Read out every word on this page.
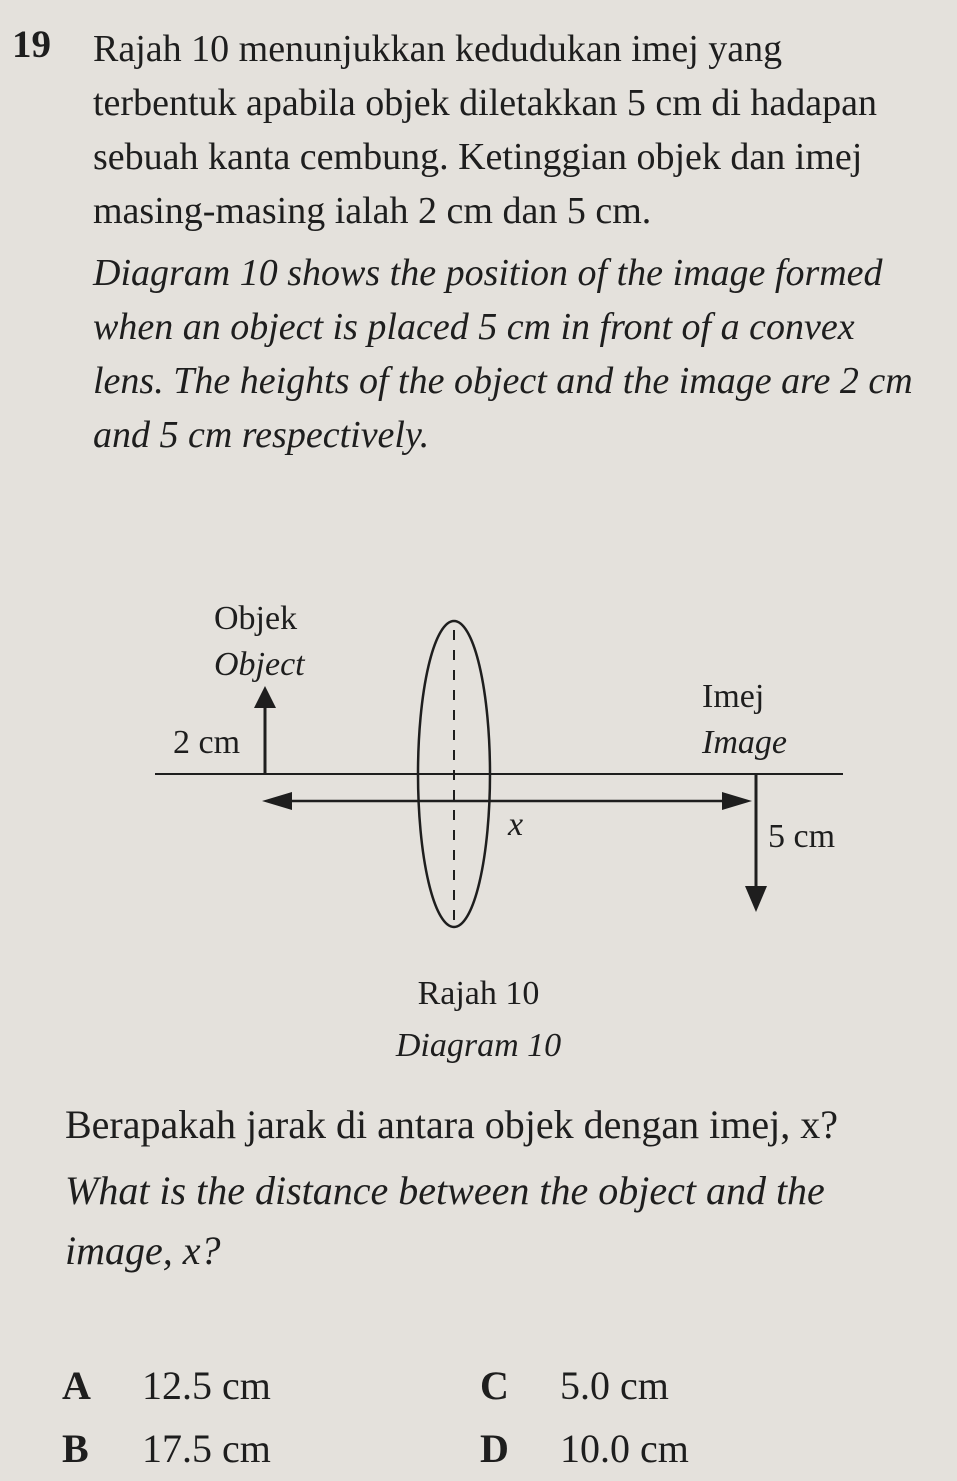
19 Rajah 10 menunjukkan kedudukan imej yang terbentuk apabila objek diletakkan 5 cm di hadapan sebuah kanta cembung. Ketinggian objek dan imej masing-masing ialah 2 cm dan 5 cm.

Diagram 10 shows the position of the image formed when an object is placed 5 cm in front of a convex lens. The heights of the object and the image are 2 cm and 5 cm respectively.

Objek
Object
2 cm
Imej
Image
5 cm
x
Rajah 10
Diagram 10

Berapakah jarak di antara objek dengan imej, x?

What is the distance between the object and the image, x?

A 12.5 cm
B 17.5 cm
C 5.0 cm
D 10.0 cm
